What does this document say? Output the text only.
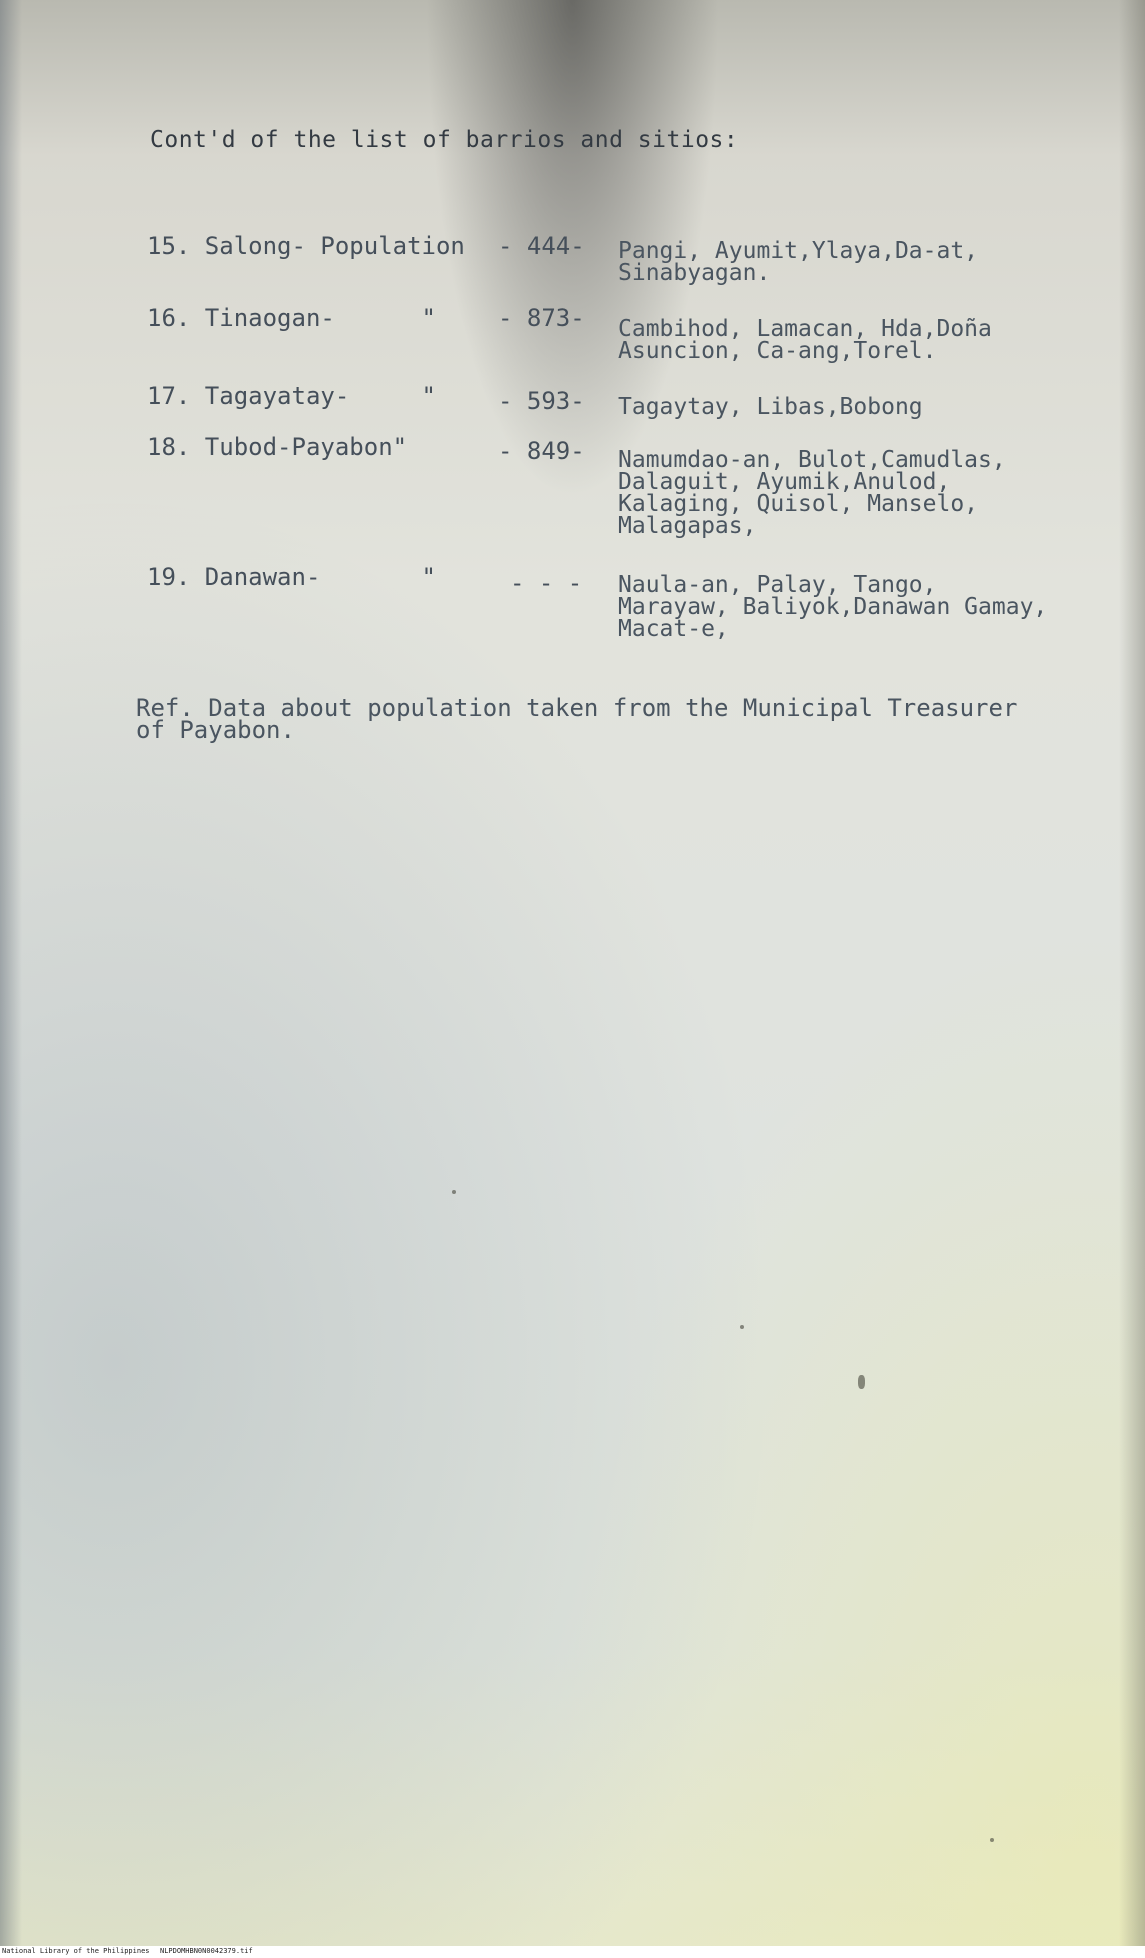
Cont'd of the list of barrios and sitios:
15. Salong- Population - 444- Pangi, Ayumit,Ylaya,Da-at,
Sinabyagan.
16. Tinaogan-      "	- 873- Cambihod, Lamacan, Hda,Doña
Asuncion, Ca-ang,Torel.
17. Tagayatay-     "	- 593- Tagaytay, Libas,Bobong
18. Tubod-Payabon"	- 849- Namumdao-an, Bulot,Camudlas,
Dalaguit, Ayumik,Anulod,
Kalaging, Quisol, Manselo,
Malagapas,
19. Danawan-       "	- - - Naula-an, Palay, Tango,
Marayaw, Baliyok,Danawan Gamay,
Macat-e,
Ref. Data about population taken from the Municipal Treasurer
of Payabon.
National Library of the Philippines NLPDOMHBN0N0042379.tif
